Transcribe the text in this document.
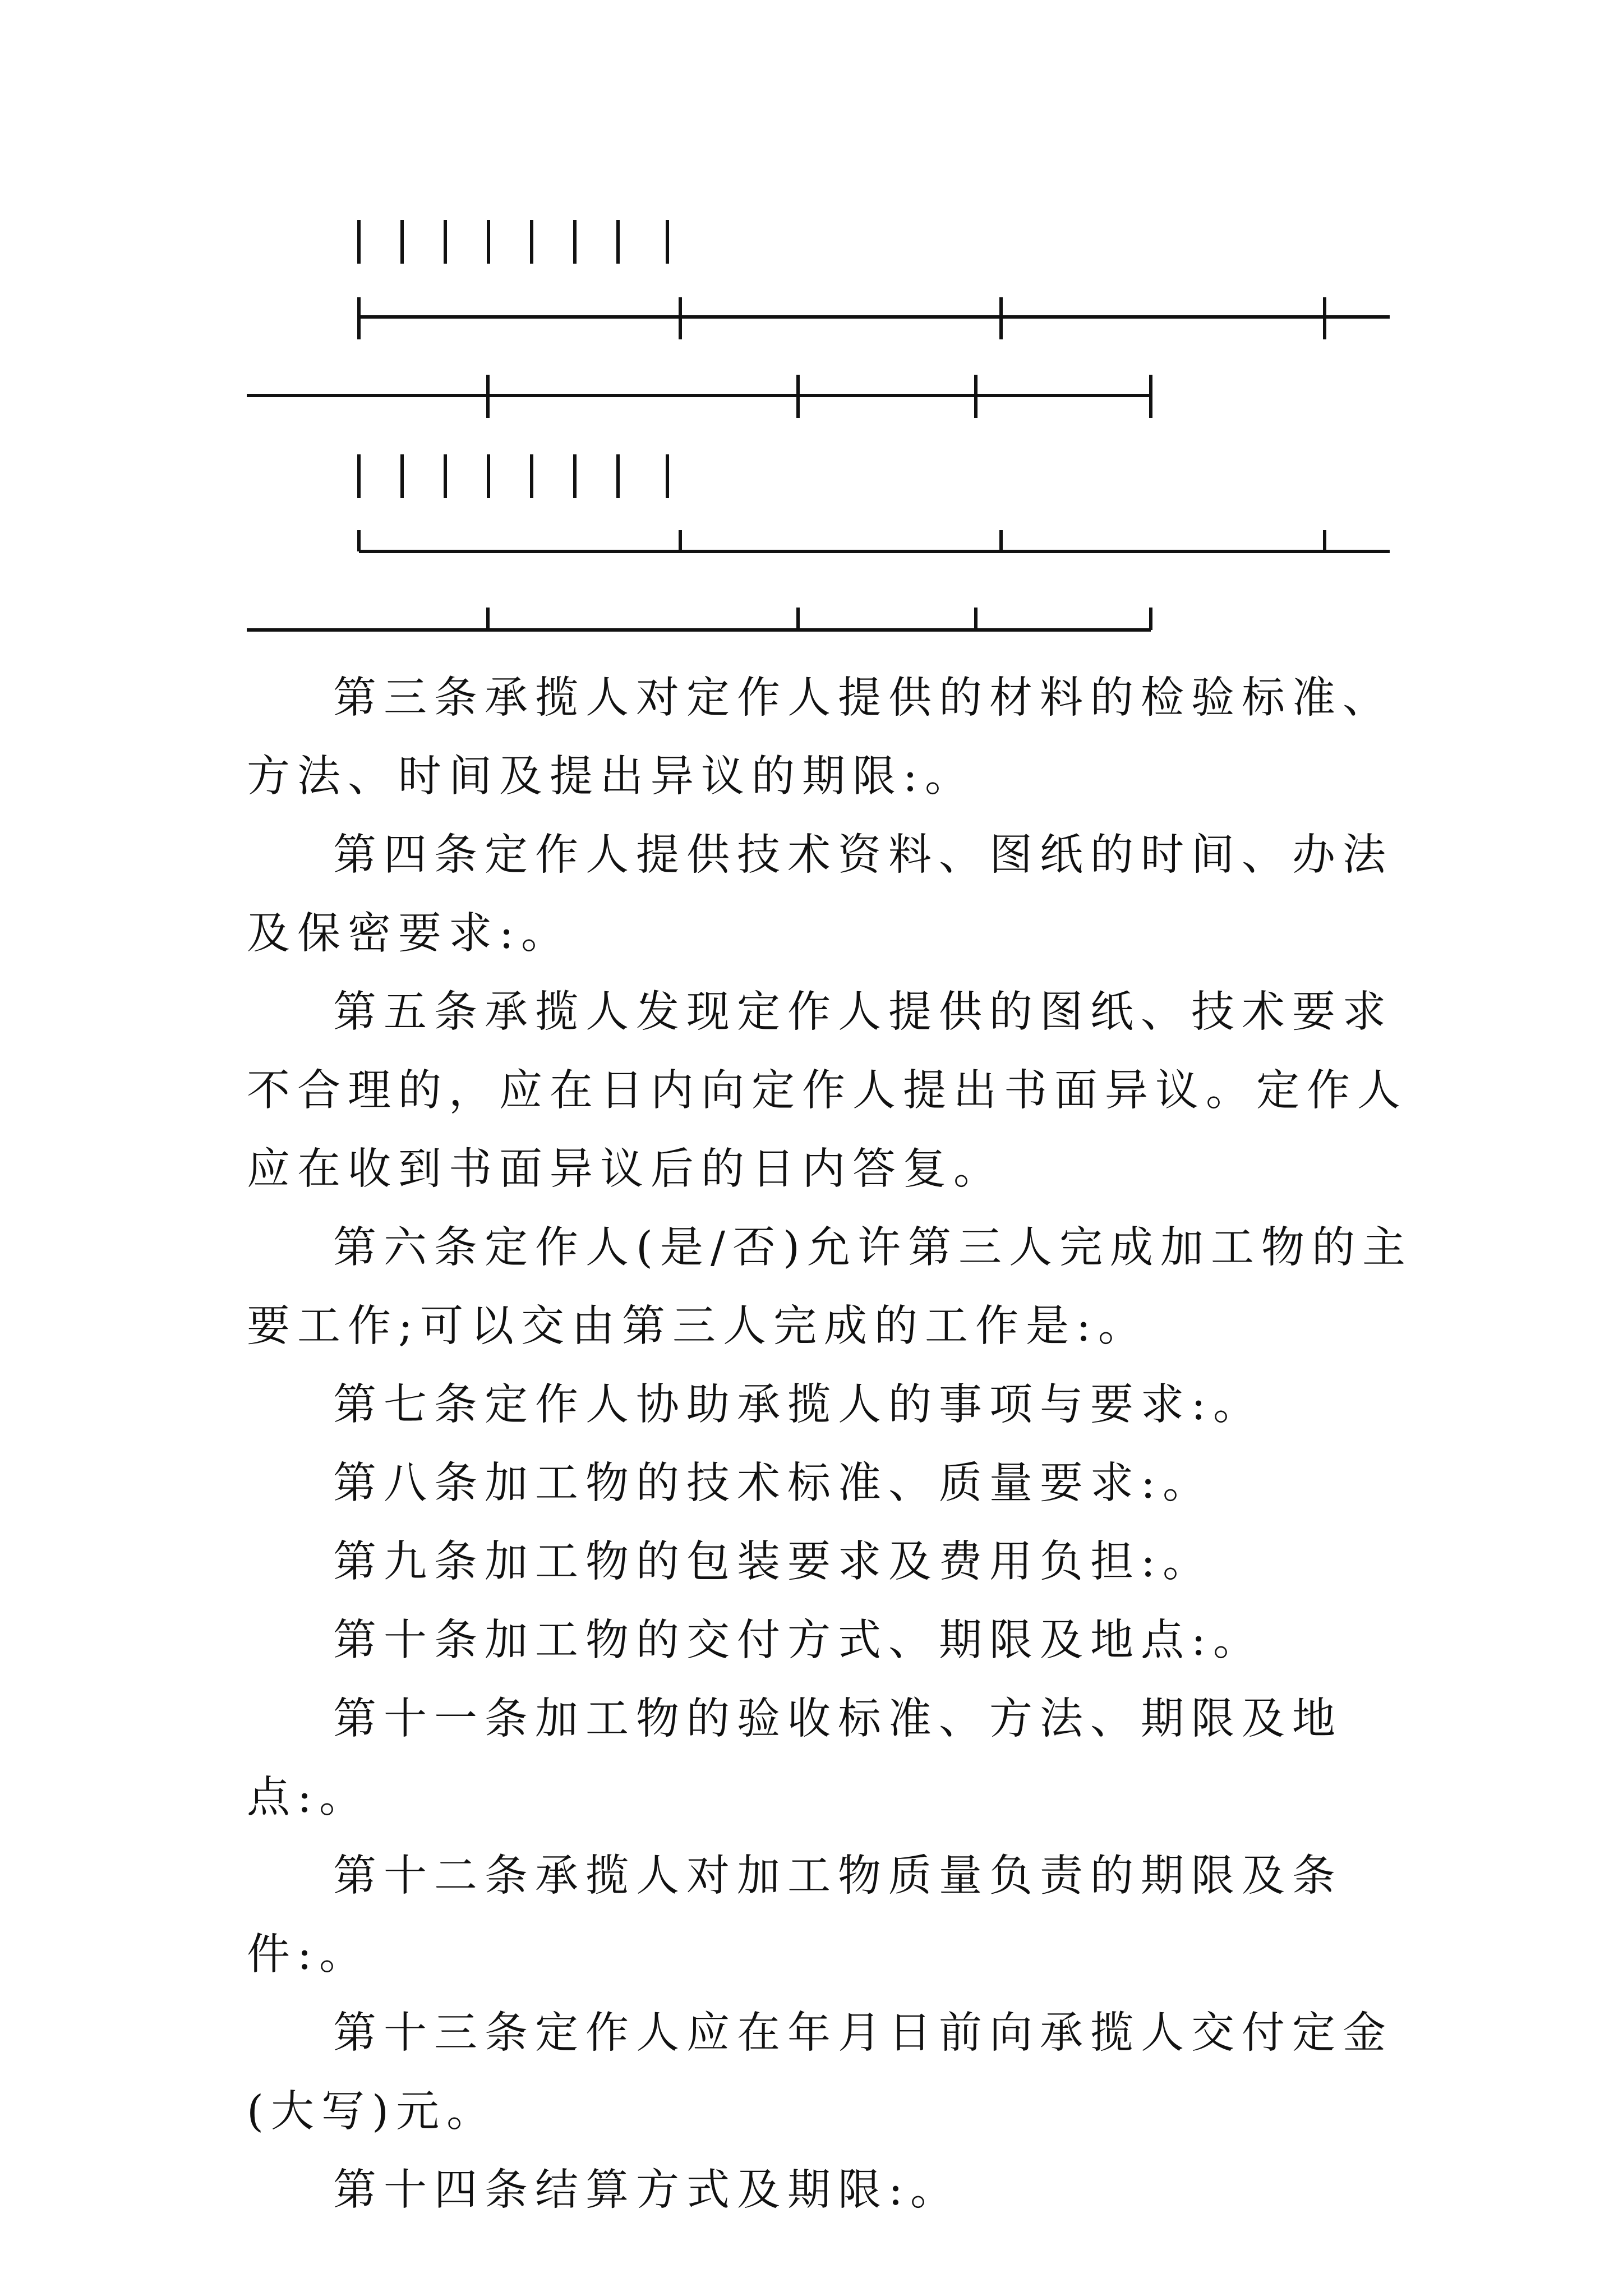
第三条承揽人对定作人提供的材料的检验标准、方法、时间及提出异议的期限:。

第四条定作人提供技术资料、图纸的时间、办法及保密要求:。

第五条承揽人发现定作人提供的图纸、技术要求不合理的，应在日内向定作人提出书面异议。定作人应在收到书面异议后的日内答复。

第六条定作人(是/否)允许第三人完成加工物的主要工作;可以交由第三人完成的工作是:。

第七条定作人协助承揽人的事项与要求:。

第八条加工物的技术标准、质量要求:。

第九条加工物的包装要求及费用负担:。

第十条加工物的交付方式、期限及地点:。

第十一条加工物的验收标准、方法、期限及地点:。

第十二条承揽人对加工物质量负责的期限及条件:。

第十三条定作人应在年月日前向承揽人交付定金(大写)元。

第十四条结算方式及期限:。
